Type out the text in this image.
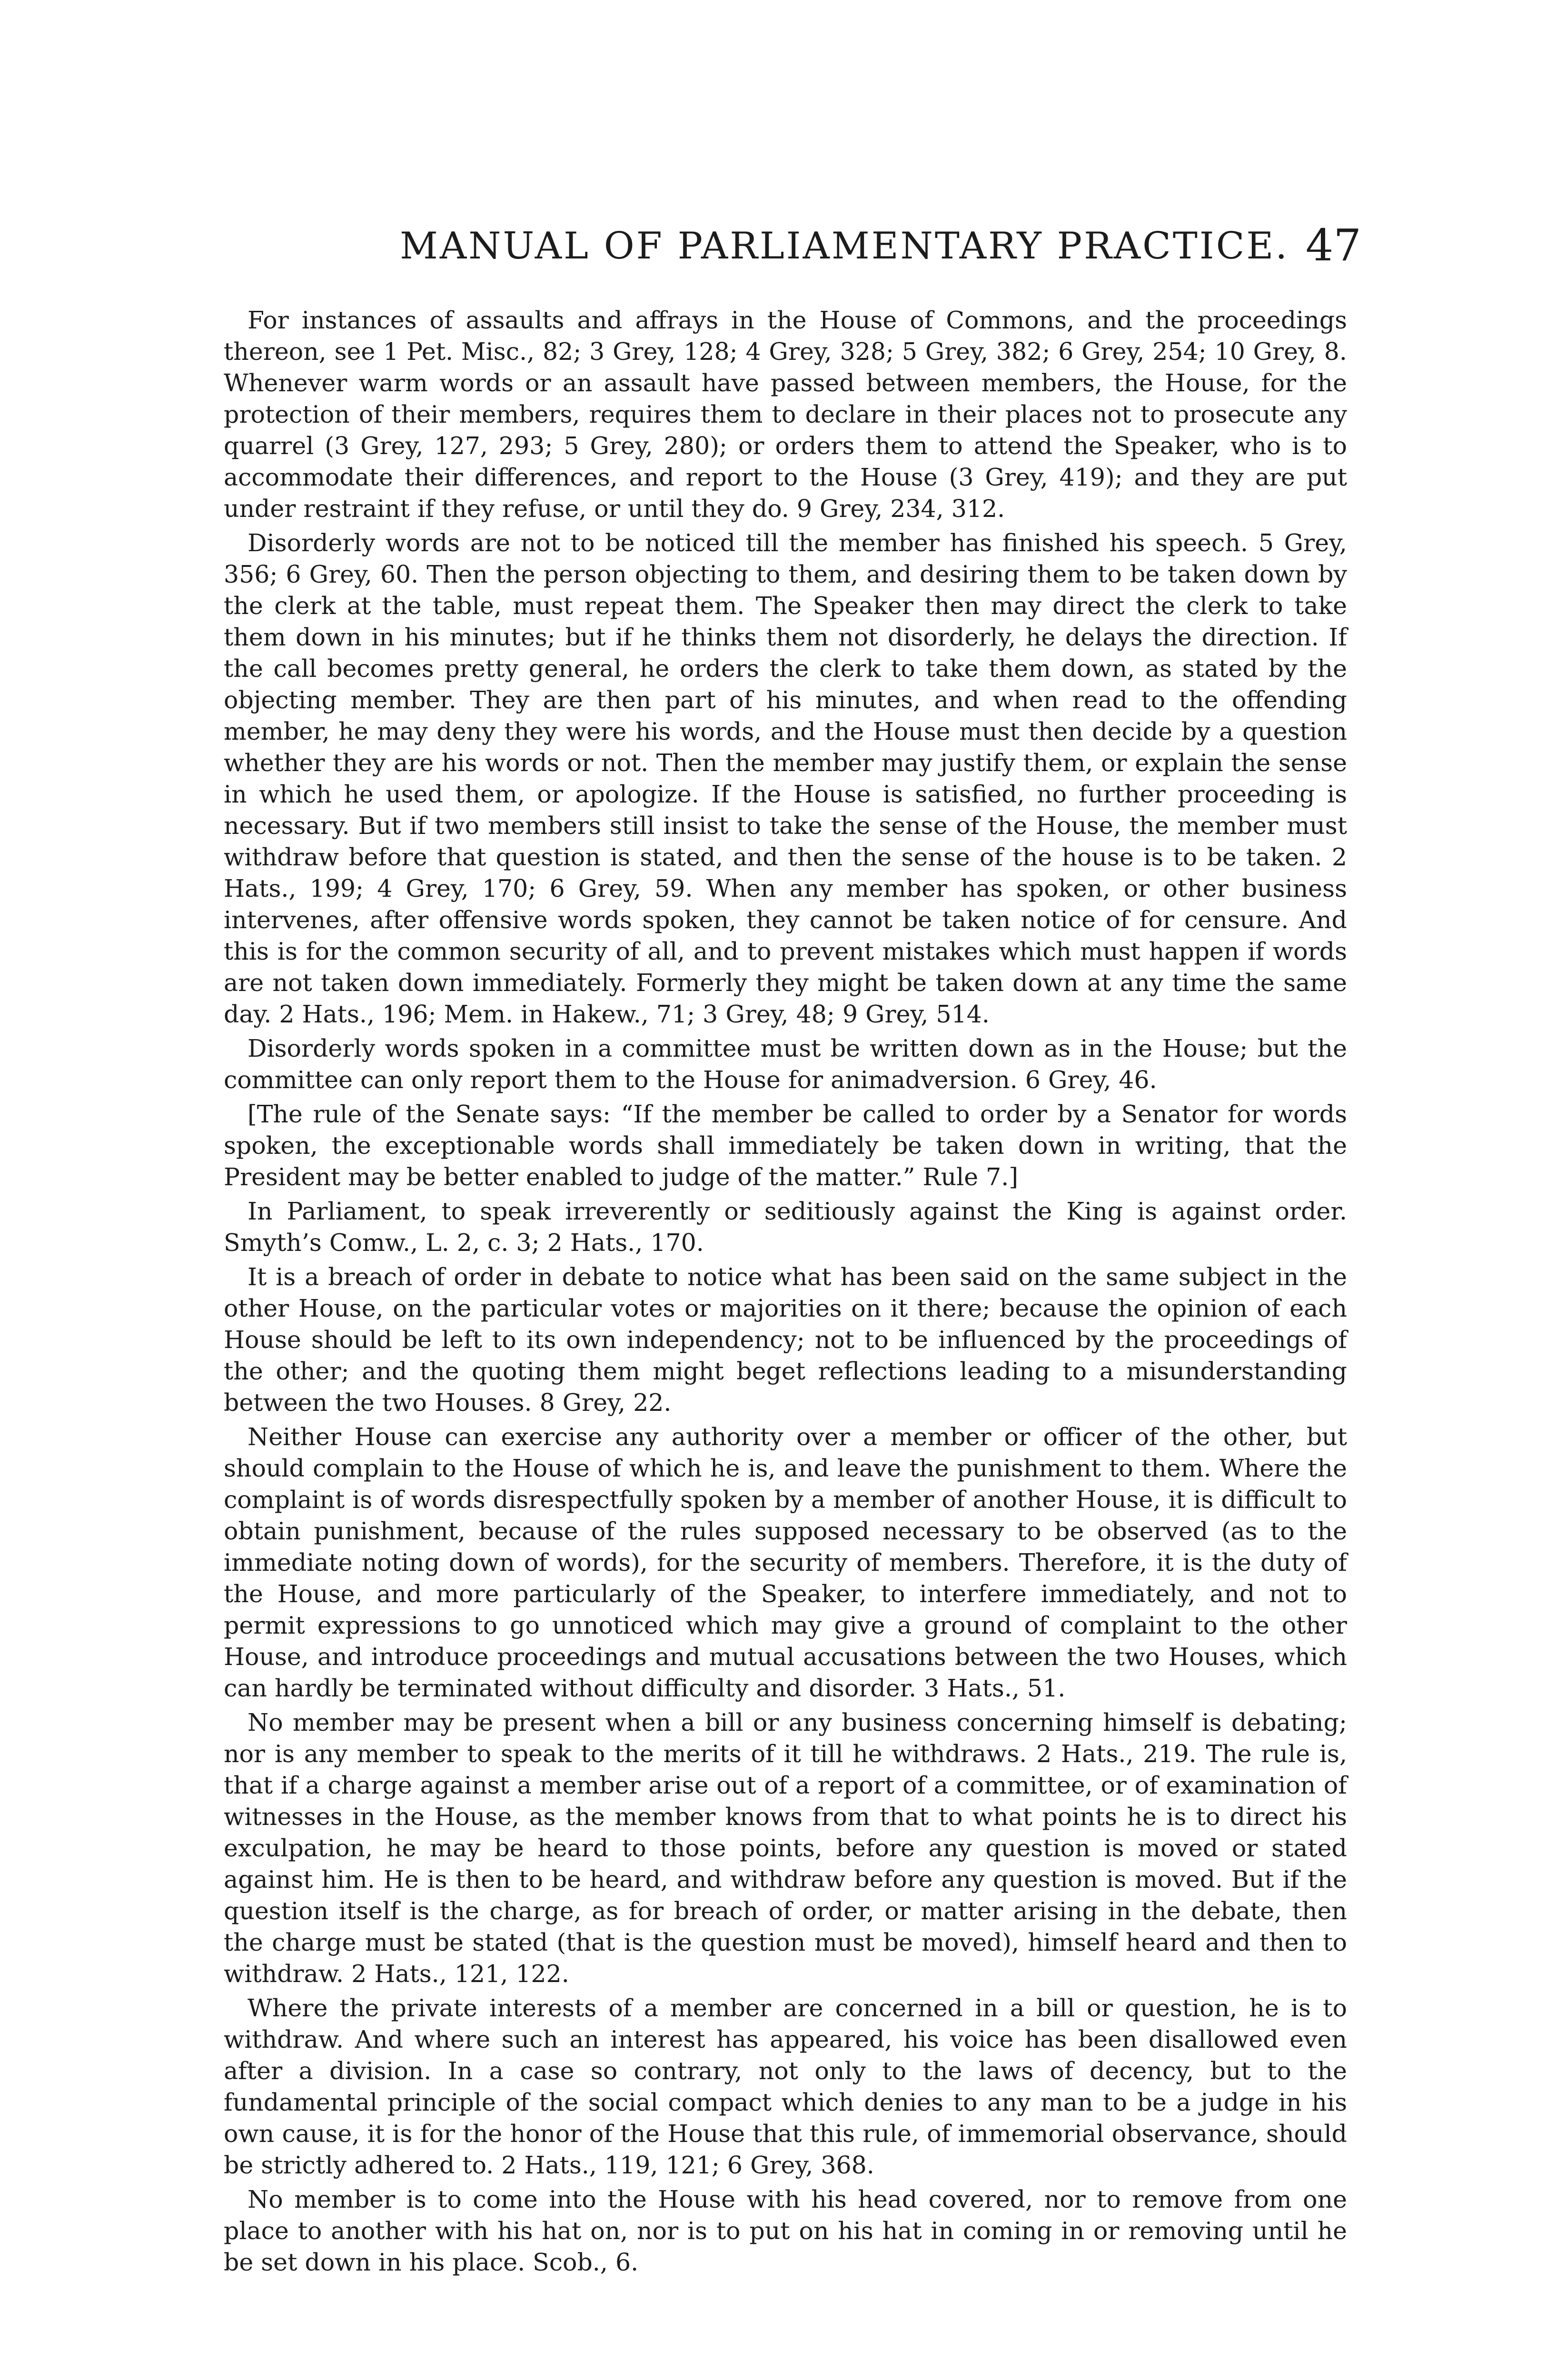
MANUAL OF PARLIAMENTARY PRACTICE. 47

For instances of assaults and affrays in the House of Commons, and the proceedings thereon, see 1 Pet. Misc., 82; 3 Grey, 128; 4 Grey, 328; 5 Grey, 382; 6 Grey, 254; 10 Grey, 8. Whenever warm words or an assault have passed between members, the House, for the protection of their members, requires them to declare in their places not to prosecute any quarrel (3 Grey, 127, 293; 5 Grey, 280); or orders them to attend the Speaker, who is to accommodate their differences, and report to the House (3 Grey, 419); and they are put under restraint if they refuse, or until they do. 9 Grey, 234, 312.

Disorderly words are not to be noticed till the member has finished his speech. 5 Grey, 356; 6 Grey, 60. Then the person objecting to them, and desiring them to be taken down by the clerk at the table, must repeat them. The Speaker then may direct the clerk to take them down in his minutes; but if he thinks them not disorderly, he delays the direction. If the call becomes pretty general, he orders the clerk to take them down, as stated by the objecting member. They are then part of his minutes, and when read to the offending member, he may deny they were his words, and the House must then decide by a question whether they are his words or not. Then the member may justify them, or explain the sense in which he used them, or apologize. If the House is satisfied, no further proceeding is necessary. But if two members still insist to take the sense of the House, the member must withdraw before that question is stated, and then the sense of the house is to be taken. 2 Hats., 199; 4 Grey, 170; 6 Grey, 59. When any member has spoken, or other business intervenes, after offensive words spoken, they cannot be taken notice of for censure. And this is for the common security of all, and to prevent mistakes which must happen if words are not taken down immediately. Formerly they might be taken down at any time the same day. 2 Hats., 196; Mem. in Hakew., 71; 3 Grey, 48; 9 Grey, 514.

Disorderly words spoken in a committee must be written down as in the House; but the committee can only report them to the House for animadversion. 6 Grey, 46.

[The rule of the Senate says: “If the member be called to order by a Senator for words spoken, the exceptionable words shall immediately be taken down in writing, that the President may be better enabled to judge of the matter.” Rule 7.]

In Parliament, to speak irreverently or seditiously against the King is against order. Smyth’s Comw., L. 2, c. 3; 2 Hats., 170.

It is a breach of order in debate to notice what has been said on the same subject in the other House, on the particular votes or majorities on it there; because the opinion of each House should be left to its own independency; not to be influenced by the proceedings of the other; and the quoting them might beget reflections leading to a misunderstanding between the two Houses. 8 Grey, 22.

Neither House can exercise any authority over a member or officer of the other, but should complain to the House of which he is, and leave the punishment to them. Where the complaint is of words disrespectfully spoken by a member of another House, it is difficult to obtain punishment, because of the rules supposed necessary to be observed (as to the immediate noting down of words), for the security of members. Therefore, it is the duty of the House, and more particularly of the Speaker, to interfere immediately, and not to permit expressions to go unnoticed which may give a ground of complaint to the other House, and introduce proceedings and mutual accusations between the two Houses, which can hardly be terminated without difficulty and disorder. 3 Hats., 51.

No member may be present when a bill or any business concerning himself is debating; nor is any member to speak to the merits of it till he withdraws. 2 Hats., 219. The rule is, that if a charge against a member arise out of a report of a committee, or of examination of witnesses in the House, as the member knows from that to what points he is to direct his exculpation, he may be heard to those points, before any question is moved or stated against him. He is then to be heard, and withdraw before any question is moved. But if the question itself is the charge, as for breach of order, or matter arising in the debate, then the charge must be stated (that is the question must be moved), himself heard and then to withdraw. 2 Hats., 121, 122.

Where the private interests of a member are concerned in a bill or question, he is to withdraw. And where such an interest has appeared, his voice has been disallowed even after a division. In a case so contrary, not only to the laws of decency, but to the fundamental principle of the social compact which denies to any man to be a judge in his own cause, it is for the honor of the House that this rule, of immemorial observance, should be strictly adhered to. 2 Hats., 119, 121; 6 Grey, 368.

No member is to come into the House with his head covered, nor to remove from one place to another with his hat on, nor is to put on his hat in coming in or removing until he be set down in his place. Scob., 6.
